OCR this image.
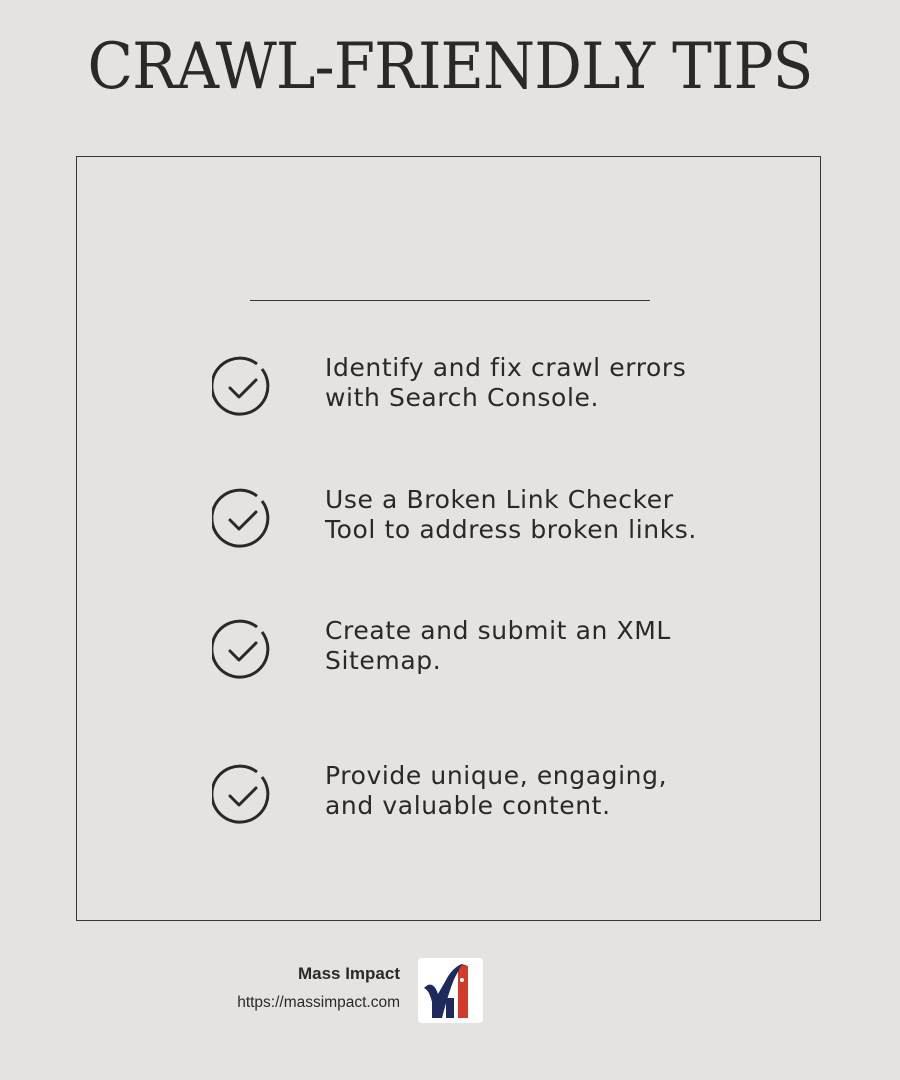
CRAWL-FRIENDLY TIPS
Identify and fix crawl errors
with Search Console.
Use a Broken Link Checker
Tool to address broken links.
Create and submit an XML
Sitemap.
Provide unique, engaging,
and valuable content.
Mass Impact
https://massimpact.com
